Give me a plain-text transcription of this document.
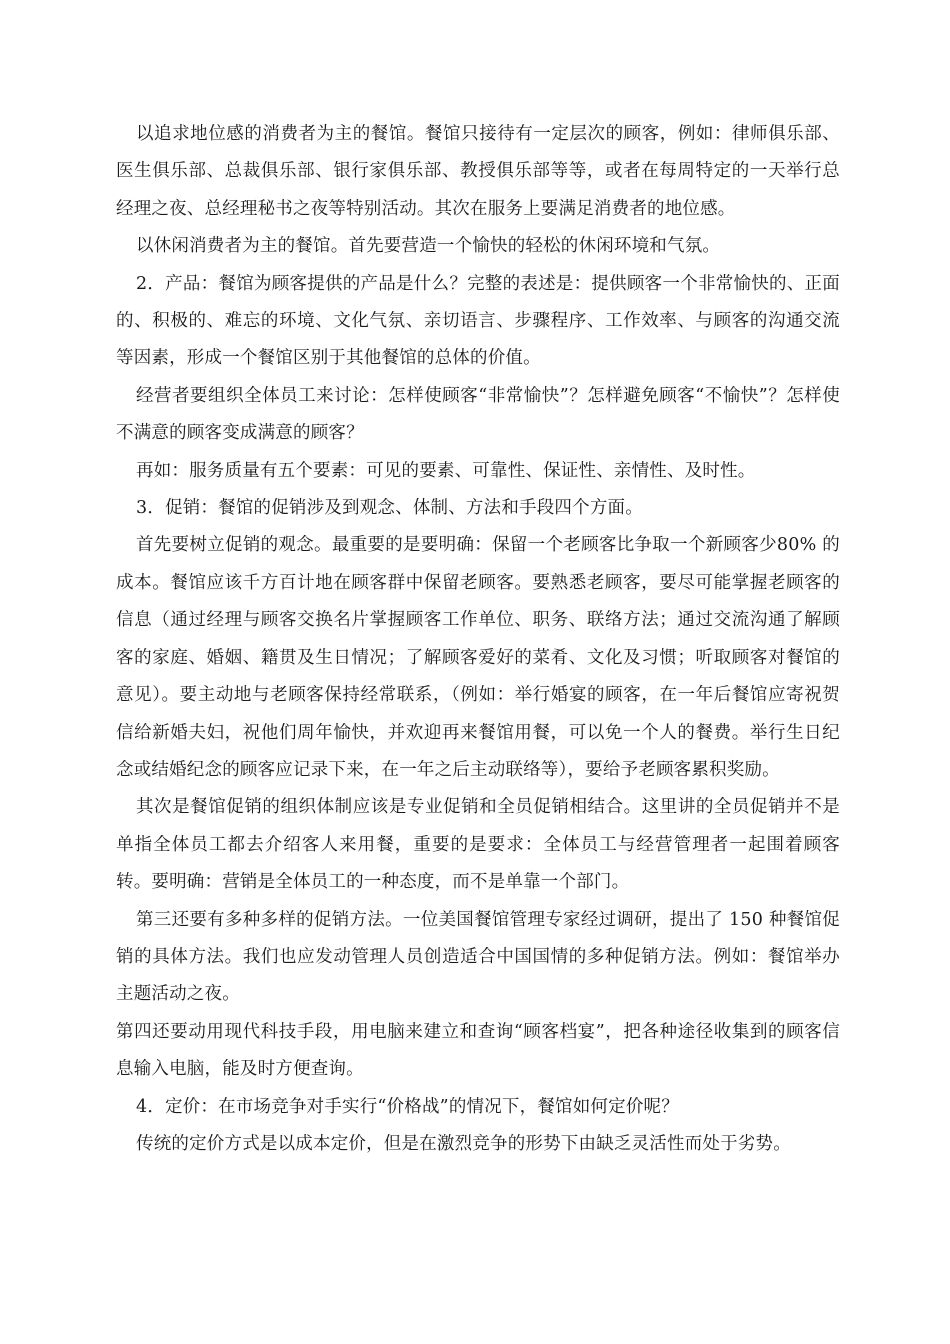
以追求地位感的消费者为主的餐馆。餐馆只接待有一定层次的顾客，例如：律师俱乐部、医生俱乐部、总裁俱乐部、银行家俱乐部、教授俱乐部等等，或者在每周特定的一天举行总经理之夜、总经理秘书之夜等特别活动。其次在服务上要满足消费者的地位感。

以休闲消费者为主的餐馆。首先要营造一个愉快的轻松的休闲环境和气氛。

2．产品：餐馆为顾客提供的产品是什么？完整的表述是：提供顾客一个非常愉快的、正面的、积极的、难忘的环境、文化气氛、亲切语言、步骤程序、工作效率、与顾客的沟通交流等因素，形成一个餐馆区别于其他餐馆的总体的价值。

经营者要组织全体员工来讨论：怎样使顾客“非常愉快”？怎样避免顾客“不愉快”？怎样使不满意的顾客变成满意的顾客？

再如：服务质量有五个要素：可见的要素、可靠性、保证性、亲情性、及时性。

3．促销：餐馆的促销涉及到观念、体制、方法和手段四个方面。

首先要树立促销的观念。最重要的是要明确：保留一个老顾客比争取一个新顾客少80% 的成本。餐馆应该千方百计地在顾客群中保留老顾客。要熟悉老顾客，要尽可能掌握老顾客的信息（通过经理与顾客交换名片掌握顾客工作单位、职务、联络方法；通过交流沟通了解顾客的家庭、婚姻、籍贯及生日情况；了解顾客爱好的菜肴、文化及习惯；听取顾客对餐馆的意见）。要主动地与老顾客保持经常联系，（例如：举行婚宴的顾客，在一年后餐馆应寄祝贺信给新婚夫妇，祝他们周年愉快，并欢迎再来餐馆用餐，可以免一个人的餐费。举行生日纪念或结婚纪念的顾客应记录下来，在一年之后主动联络等），要给予老顾客累积奖励。

其次是餐馆促销的组织体制应该是专业促销和全员促销相结合。这里讲的全员促销并不是单指全体员工都去介绍客人来用餐，重要的是要求：全体员工与经营管理者一起围着顾客转。要明确：营销是全体员工的一种态度，而不是单靠一个部门。

第三还要有多种多样的促销方法。一位美国餐馆管理专家经过调研，提出了 150 种餐馆促销的具体方法。我们也应发动管理人员创造适合中国国情的多种促销方法。例如：餐馆举办主题活动之夜。

第四还要动用现代科技手段，用电脑来建立和查询“顾客档宴”，把各种途径收集到的顾客信息输入电脑，能及时方便查询。

4．定价：在市场竞争对手实行“价格战”的情况下，餐馆如何定价呢？

传统的定价方式是以成本定价，但是在激烈竞争的形势下由缺乏灵活性而处于劣势。
